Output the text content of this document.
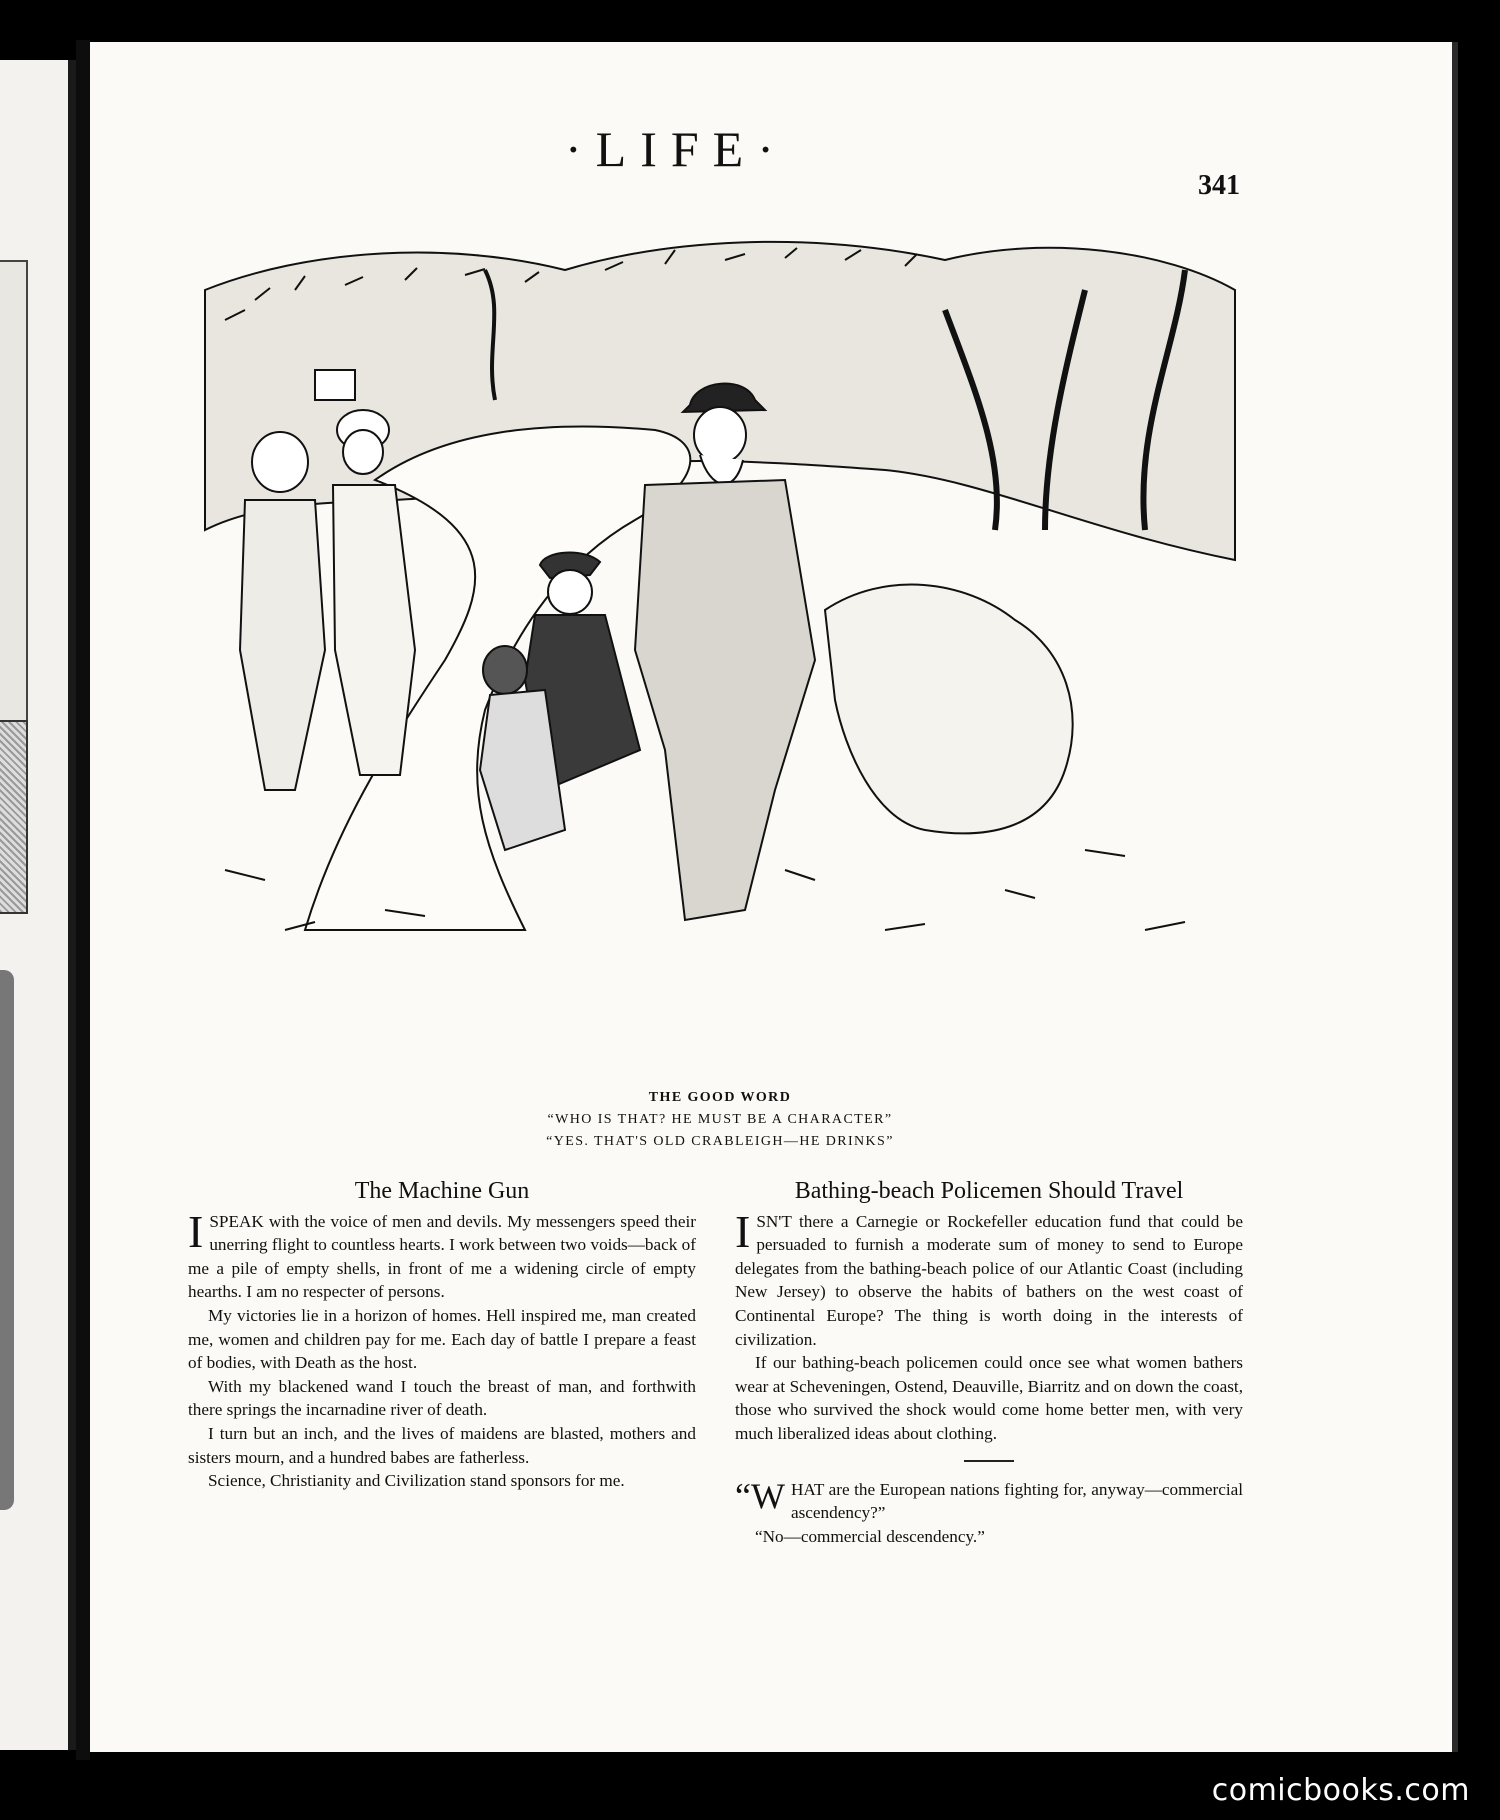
·LIFE·
341
THE GOOD WORD
“WHO IS THAT? HE MUST BE A CHARACTER”
“YES. THAT'S OLD CRABLEIGH—HE DRINKS”
The Machine Gun

ISPEAK with the voice of men and devils. My messengers speed their unerring flight to countless hearts. I work between two voids—back of me a pile of empty shells, in front of me a widening circle of empty hearths. I am no respecter of persons.

My victories lie in a horizon of homes. Hell inspired me, man created me, women and children pay for me. Each day of battle I prepare a feast of bodies, with Death as the host.

With my blackened wand I touch the breast of man, and forthwith there springs the incarnadine river of death.

I turn but an inch, and the lives of maidens are blasted, mothers and sisters mourn, and a hundred babes are fatherless.

Science, Christianity and Civilization stand sponsors for me.

Bathing-beach Policemen Should Travel

ISN'T there a Carnegie or Rockefeller education fund that could be persuaded to furnish a moderate sum of money to send to Europe delegates from the bathing-beach police of our Atlantic Coast (including New Jersey) to observe the habits of bathers on the west coast of Continental Europe? The thing is worth doing in the interests of civilization.

If our bathing-beach policemen could once see what women bathers wear at Scheveningen, Ostend, Deauville, Biarritz and on down the coast, those who survived the shock would come home better men, with very much liberalized ideas about clothing.

“WHAT are the European nations fighting for, anyway—commercial ascendency?”

“No—commercial descendency.”

comicbooks.com
